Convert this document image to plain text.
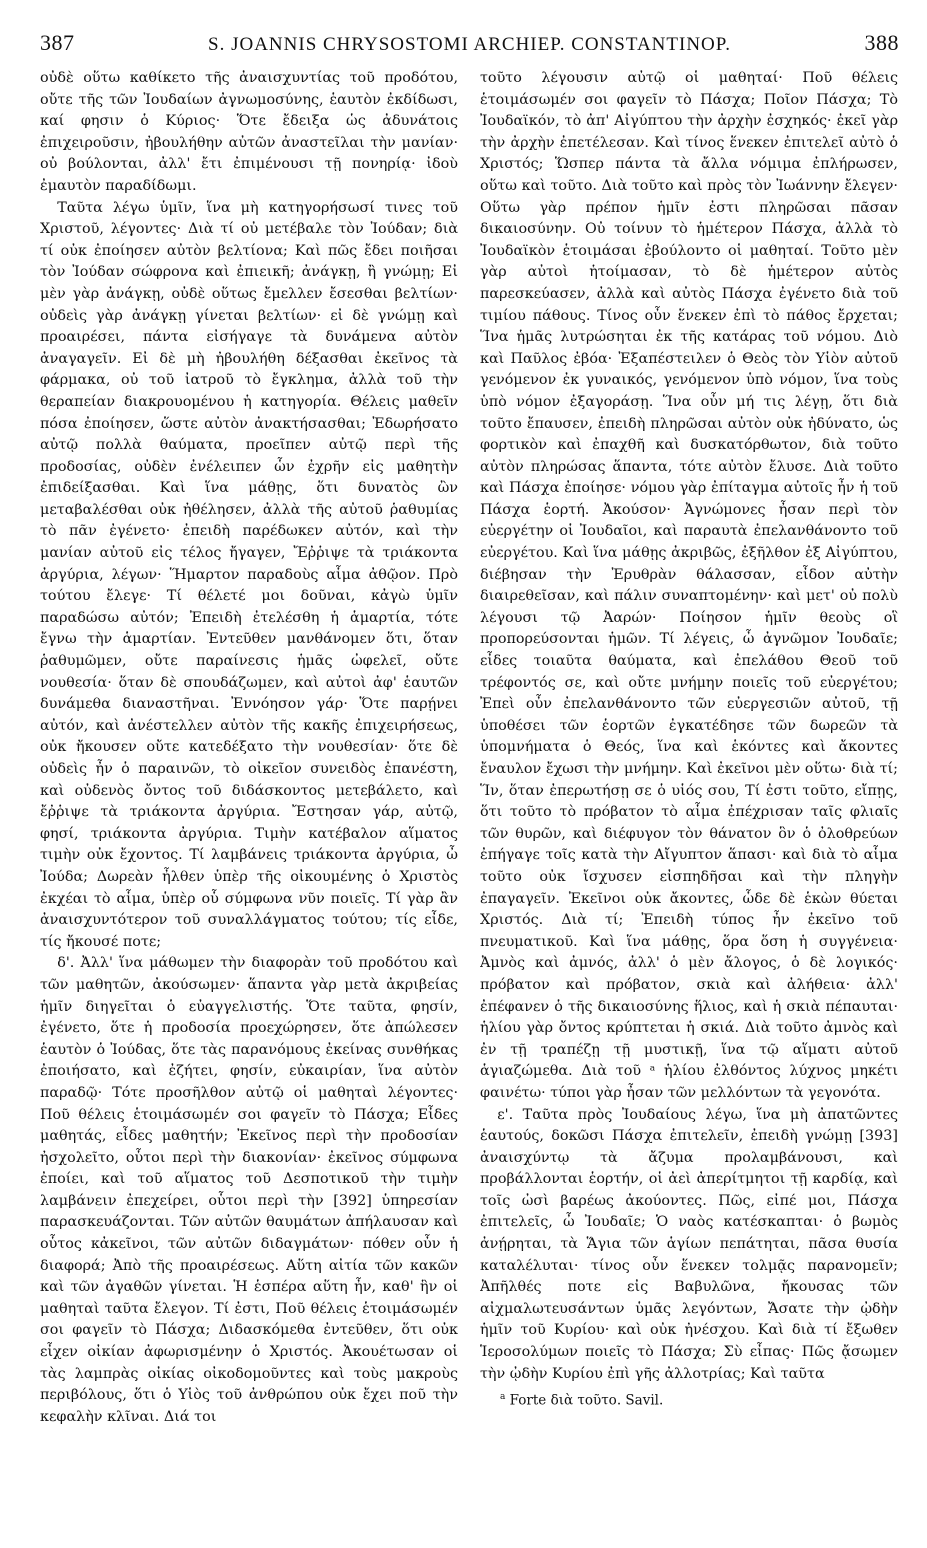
387	S. JOANNIS CHRYSOSTOMI ARCHIEP. CONSTANTINOP.	388

οὐδὲ οὕτω καθίκετο τῆς ἀναισχυντίας τοῦ προδότου, οὔτε τῆς τῶν Ἰουδαίων ἀγνωμοσύνης, ἑαυτὸν ἐκδίδωσι, καί φησιν ὁ Κύριος· Ὅτε ἔδειξα ὡς ἀδυνάτοις ἐπιχειροῦσιν, ἠβουλήθην αὐτῶν ἀναστεῖλαι τὴν μανίαν· οὐ βούλονται, ἀλλ' ἔτι ἐπιμένουσι τῇ πονηρίᾳ· ἰδοὺ ἐμαυτὸν παραδίδωμι.

Ταῦτα λέγω ὑμῖν, ἵνα μὴ κατηγορήσωσί τινες τοῦ Χριστοῦ, λέγοντες· Διὰ τί οὐ μετέβαλε τὸν Ἰούδαν; διὰ τί οὐκ ἐποίησεν αὐτὸν βελτίονα; Καὶ πῶς ἔδει ποιῆσαι τὸν Ἰούδαν σώφρονα καὶ ἐπιεικῆ; ἀνάγκῃ, ἢ γνώμῃ; Εἰ μὲν γὰρ ἀνάγκῃ, οὐδὲ οὕτως ἔμελλεν ἔσεσθαι βελτίων· οὐδεὶς γὰρ ἀνάγκῃ γίνεται βελτίων· εἰ δὲ γνώμῃ καὶ προαιρέσει, πάντα εἰσήγαγε τὰ δυνάμενα αὐτὸν ἀναγαγεῖν. Εἰ δὲ μὴ ἠβουλήθη δέξασθαι ἐκεῖνος τὰ φάρμακα, οὐ τοῦ ἰατροῦ τὸ ἔγκλημα, ἀλλὰ τοῦ τὴν θεραπείαν διακρουομένου ἡ κατηγορία. Θέλεις μαθεῖν πόσα ἐποίησεν, ὥστε αὐτὸν ἀνακτήσασθαι; Ἐδωρήσατο αὐτῷ πολλὰ θαύματα, προεῖπεν αὐτῷ περὶ τῆς προδοσίας, οὐδὲν ἐνέλειπεν ὧν ἐχρῆν εἰς μαθητὴν ἐπιδείξασθαι. Καὶ ἵνα μάθῃς, ὅτι δυνατὸς ὢν μεταβαλέσθαι οὐκ ἠθέλησεν, ἀλλὰ τῆς αὐτοῦ ῥαθυμίας τὸ πᾶν ἐγένετο· ἐπειδὴ παρέδωκεν αὐτόν, καὶ τὴν μανίαν αὐτοῦ εἰς τέλος ἤγαγεν, Ἔῤῥιψε τὰ τριάκοντα ἀργύρια, λέγων· Ἥμαρτον παραδοὺς αἷμα ἀθῷον. Πρὸ τούτου ἔλεγε· Τί θέλετέ μοι δοῦναι, κἀγὼ ὑμῖν παραδώσω αὐτόν; Ἐπειδὴ ἐτελέσθη ἡ ἁμαρτία, τότε ἔγνω τὴν ἁμαρτίαν. Ἐντεῦθεν μανθάνομεν ὅτι, ὅταν ῥαθυμῶμεν, οὔτε παραίνεσις ἡμᾶς ὠφελεῖ, οὔτε νουθεσία· ὅταν δὲ σπουδάζωμεν, καὶ αὐτοὶ ἀφ' ἑαυτῶν δυνάμεθα διαναστῆναι. Ἐννόησον γάρ· Ὅτε παρῄνει αὐτόν, καὶ ἀνέστελλεν αὐτὸν τῆς κακῆς ἐπιχειρήσεως, οὐκ ἤκουσεν οὔτε κατεδέξατο τὴν νουθεσίαν· ὅτε δὲ οὐδεὶς ἦν ὁ παραινῶν, τὸ οἰκεῖον συνειδὸς ἐπανέστη, καὶ οὐδενὸς ὄντος τοῦ διδάσκοντος μετεβάλετο, καὶ ἔῤῥιψε τὰ τριάκοντα ἀργύρια. Ἔστησαν γάρ, αὐτῷ, φησί, τριάκοντα ἀργύρια. Τιμὴν κατέβαλον αἵματος τιμὴν οὐκ ἔχοντος. Τί λαμβάνεις τριάκοντα ἀργύρια, ὦ Ἰούδα; Δωρεὰν ἦλθεν ὑπὲρ τῆς οἰκουμένης ὁ Χριστὸς ἐκχέαι τὸ αἷμα, ὑπὲρ οὗ σύμφωνα νῦν ποιεῖς. Τί γὰρ ἂν ἀναισχυντότερον τοῦ συναλλάγματος τούτου; τίς εἶδε, τίς ἤκουσέ ποτε;

δ'. Ἀλλ' ἵνα μάθωμεν τὴν διαφορὰν τοῦ προδότου καὶ τῶν μαθητῶν, ἀκούσωμεν· ἅπαντα γὰρ μετὰ ἀκριβείας ἡμῖν διηγεῖται ὁ εὐαγγελιστής. Ὅτε ταῦτα, φησίν, ἐγένετο, ὅτε ἡ προδοσία προεχώρησεν, ὅτε ἀπώλεσεν ἑαυτὸν ὁ Ἰούδας, ὅτε τὰς παρανόμους ἐκείνας συνθήκας ἐποιήσατο, καὶ ἐζήτει, φησίν, εὐκαιρίαν, ἵνα αὐτὸν παραδῷ· Τότε προσῆλθον αὐτῷ οἱ μαθηταὶ λέγοντες· Ποῦ θέλεις ἑτοιμάσωμέν σοι φαγεῖν τὸ Πάσχα; Εἶδες μαθητάς, εἶδες μαθητήν; Ἐκεῖνος περὶ τὴν προδοσίαν ἠσχολεῖτο, οὗτοι περὶ τὴν διακονίαν· ἐκεῖνος σύμφωνα ἐποίει, καὶ τοῦ αἵματος τοῦ Δεσποτικοῦ τὴν τιμὴν λαμβάνειν ἐπεχείρει, οὗτοι περὶ τὴν [392] ὑπηρεσίαν παρασκευάζονται. Τῶν αὐτῶν θαυμάτων ἀπήλαυσαν καὶ οὗτος κἀκεῖνοι, τῶν αὐτῶν διδαγμάτων· πόθεν οὖν ἡ διαφορά; Ἀπὸ τῆς προαιρέσεως. Αὕτη αἰτία τῶν κακῶν καὶ τῶν ἀγαθῶν γίνεται. Ἡ ἑσπέρα αὕτη ἦν, καθ' ἣν οἱ μαθηταὶ ταῦτα ἔλεγον. Τί ἐστι, Ποῦ θέλεις ἑτοιμάσωμέν σοι φαγεῖν τὸ Πάσχα; Διδασκόμεθα ἐντεῦθεν, ὅτι οὐκ εἶχεν οἰκίαν ἀφωρισμένην ὁ Χριστός. Ἀκουέτωσαν οἱ τὰς λαμπρὰς οἰκίας οἰκοδομοῦντες καὶ τοὺς μακροὺς περιβόλους, ὅτι ὁ Υἱὸς τοῦ ἀνθρώπου οὐκ ἔχει ποῦ τὴν κεφαλὴν κλῖναι. Διά τοι

τοῦτο λέγουσιν αὐτῷ οἱ μαθηταί· Ποῦ θέλεις ἑτοιμάσωμέν σοι φαγεῖν τὸ Πάσχα; Ποῖον Πάσχα; Τὸ Ἰουδαϊκόν, τὸ ἀπ' Αἰγύπτου τὴν ἀρχὴν ἐσχηκός· ἐκεῖ γὰρ τὴν ἀρχὴν ἐπετέλεσαν. Καὶ τίνος ἕνεκεν ἐπιτελεῖ αὐτὸ ὁ Χριστός; Ὥσπερ πάντα τὰ ἄλλα νόμιμα ἐπλήρωσεν, οὕτω καὶ τοῦτο. Διὰ τοῦτο καὶ πρὸς τὸν Ἰωάννην ἔλεγεν· Οὕτω γὰρ πρέπον ἡμῖν ἐστι πληρῶσαι πᾶσαν δικαιοσύνην. Οὐ τοίνυν τὸ ἡμέτερον Πάσχα, ἀλλὰ τὸ Ἰουδαϊκὸν ἑτοιμάσαι ἐβούλοντο οἱ μαθηταί. Τοῦτο μὲν γὰρ αὐτοὶ ἡτοίμασαν, τὸ δὲ ἡμέτερον αὐτὸς παρεσκεύασεν, ἀλλὰ καὶ αὐτὸς Πάσχα ἐγένετο διὰ τοῦ τιμίου πάθους. Τίνος οὖν ἕνεκεν ἐπὶ τὸ πάθος ἔρχεται; Ἵνα ἡμᾶς λυτρώσηται ἐκ τῆς κατάρας τοῦ νόμου. Διὸ καὶ Παῦλος ἐβόα· Ἐξαπέστειλεν ὁ Θεὸς τὸν Υἱὸν αὐτοῦ γενόμενον ἐκ γυναικός, γενόμενον ὑπὸ νόμον, ἵνα τοὺς ὑπὸ νόμον ἐξαγοράσῃ. Ἵνα οὖν μή τις λέγῃ, ὅτι διὰ τοῦτο ἔπαυσεν, ἐπειδὴ πληρῶσαι αὐτὸν οὐκ ἠδύνατο, ὡς φορτικὸν καὶ ἐπαχθῆ καὶ δυσκατόρθωτον, διὰ τοῦτο αὐτὸν πληρώσας ἅπαντα, τότε αὐτὸν ἔλυσε. Διὰ τοῦτο καὶ Πάσχα ἐποίησε· νόμου γὰρ ἐπίταγμα αὐτοῖς ἦν ἡ τοῦ Πάσχα ἑορτή. Ἀκούσον· Ἀγνώμονες ἦσαν περὶ τὸν εὐεργέτην οἱ Ἰουδαῖοι, καὶ παραυτὰ ἐπελανθάνοντο τοῦ εὐεργέτου. Καὶ ἵνα μάθῃς ἀκριβῶς, ἐξῆλθον ἐξ Αἰγύπτου, διέβησαν τὴν Ἐρυθρὰν θάλασσαν, εἶδον αὐτὴν διαιρεθεῖσαν, καὶ πάλιν συναπτομένην· καὶ μετ' οὐ πολὺ λέγουσι τῷ Ἀαρών· Ποίησον ἡμῖν θεοὺς οἳ προπορεύσονται ἡμῶν. Τί λέγεις, ὦ ἀγνῶμον Ἰουδαῖε; εἶδες τοιαῦτα θαύματα, καὶ ἐπελάθου Θεοῦ τοῦ τρέφοντός σε, καὶ οὔτε μνήμην ποιεῖς τοῦ εὐεργέτου; Ἐπεὶ οὖν ἐπελανθάνοντο τῶν εὐεργεσιῶν αὐτοῦ, τῇ ὑποθέσει τῶν ἑορτῶν ἐγκατέδησε τῶν δωρεῶν τὰ ὑπομνήματα ὁ Θεός, ἵνα καὶ ἑκόντες καὶ ἄκοντες ἔναυλον ἔχωσι τὴν μνήμην. Καὶ ἐκεῖνοι μὲν οὕτω· διὰ τί; Ἵν, ὅταν ἐπερωτήσῃ σε ὁ υἱός σου, Τί ἐστι τοῦτο, εἴπῃς, ὅτι τοῦτο τὸ πρόβατον τὸ αἷμα ἐπέχρισαν ταῖς φλιαῖς τῶν θυρῶν, καὶ διέφυγον τὸν θάνατον ὃν ὁ ὀλοθρεύων ἐπήγαγε τοῖς κατὰ τὴν Αἴγυπτον ἅπασι· καὶ διὰ τὸ αἷμα τοῦτο οὐκ ἴσχυσεν εἰσπηδῆσαι καὶ τὴν πληγὴν ἐπαγαγεῖν. Ἐκεῖνοι οὐκ ἄκοντες, ὧδε δὲ ἑκὼν θύεται Χριστός. Διὰ τί; Ἐπειδὴ τύπος ἦν ἐκεῖνο τοῦ πνευματικοῦ. Καὶ ἵνα μάθῃς, ὅρα ὅση ἡ συγγένεια· Ἀμνὸς καὶ ἀμνός, ἀλλ' ὁ μὲν ἄλογος, ὁ δὲ λογικός· πρόβατον καὶ πρόβατον, σκιὰ καὶ ἀλήθεια· ἀλλ' ἐπέφανεν ὁ τῆς δικαιοσύνης ἥλιος, καὶ ἡ σκιὰ πέπαυται· ἡλίου γὰρ ὄντος κρύπτεται ἡ σκιά. Διὰ τοῦτο ἀμνὸς καὶ ἐν τῇ τραπέζῃ τῇ μυστικῇ, ἵνα τῷ αἵματι αὐτοῦ ἁγιαζώμεθα. Διὰ τοῦ ᵃ ἡλίου ἐλθόντος λύχνος μηκέτι φαινέτω· τύποι γὰρ ἦσαν τῶν μελλόντων τὰ γεγονότα.

ε'. Ταῦτα πρὸς Ἰουδαίους λέγω, ἵνα μὴ ἀπατῶντες ἑαυτούς, δοκῶσι Πάσχα ἐπιτελεῖν, ἐπειδὴ γνώμῃ [393] ἀναισχύντῳ τὰ ἄζυμα προλαμβάνουσι, καὶ προβάλλονται ἑορτήν, οἱ ἀεὶ ἀπερίτμητοι τῇ καρδίᾳ, καὶ τοῖς ὠσὶ βαρέως ἀκούοντες. Πῶς, εἰπέ μοι, Πάσχα ἐπιτελεῖς, ὦ Ἰουδαῖε; Ὁ ναὸς κατέσκαπται· ὁ βωμὸς ἀνῄρηται, τὰ Ἅγια τῶν ἁγίων πεπάτηται, πᾶσα θυσία καταλέλυται· τίνος οὖν ἕνεκεν τολμᾷς παρανομεῖν; Ἀπῆλθές ποτε εἰς Βαβυλῶνα, ἤκουσας τῶν αἰχμαλωτευσάντων ὑμᾶς λεγόντων, Ἄσατε τὴν ᾠδὴν ἡμῖν τοῦ Κυρίου· καὶ οὐκ ἠνέσχου. Καὶ διὰ τί ἔξωθεν Ἱεροσολύμων ποιεῖς τὸ Πάσχα; Σὺ εἶπας· Πῶς ᾄσωμεν τὴν ᾠδὴν Κυρίου ἐπὶ γῆς ἀλλοτρίας; Καὶ ταῦτα

$^a$ Forte διὰ τοῦτο. Savil.
